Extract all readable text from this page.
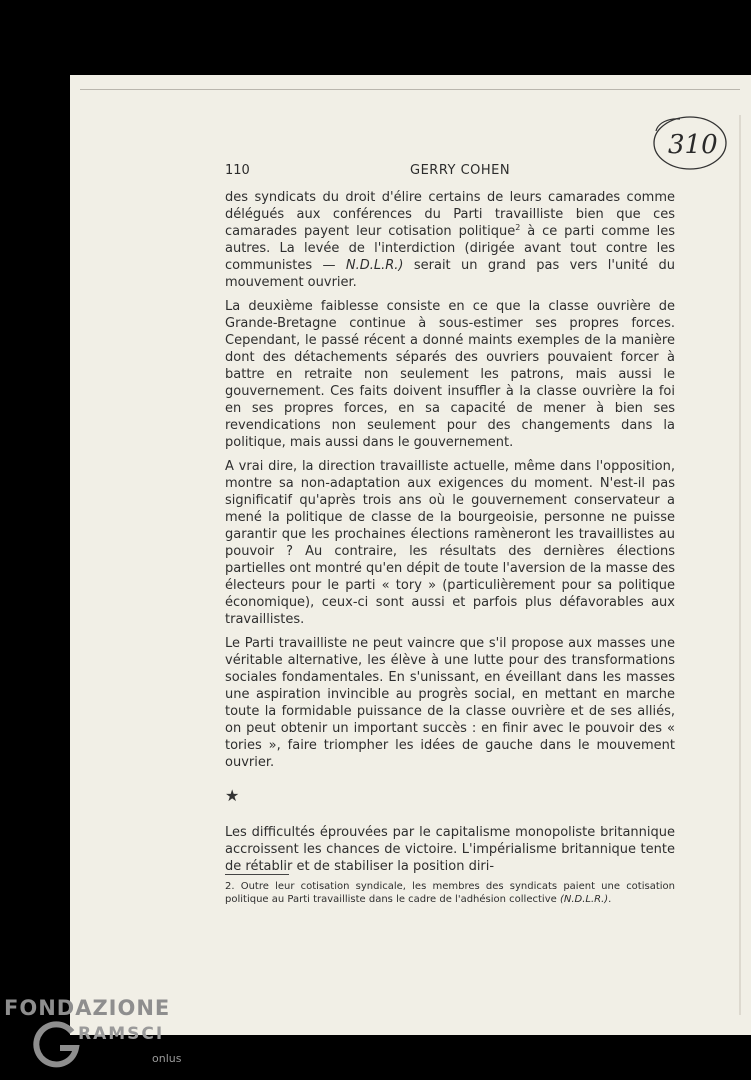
310
110	GERRY COHEN

des syndicats du droit d'élire certains de leurs camarades comme délégués aux conférences du Parti travailliste bien que ces camarades payent leur cotisation politique$^2$ à ce parti comme les autres. La levée de l'interdiction (dirigée avant tout contre les communistes — N.D.L.R.) serait un grand pas vers l'unité du mouvement ouvrier.

La deuxième faiblesse consiste en ce que la classe ouvrière de Grande-Bretagne continue à sous-estimer ses propres forces. Cependant, le passé récent a donné maints exemples de la manière dont des détachements séparés des ouvriers pouvaient forcer à battre en retraite non seulement les patrons, mais aussi le gouvernement. Ces faits doivent insuffler à la classe ouvrière la foi en ses propres forces, en sa capacité de mener à bien ses revendications non seulement pour des changements dans la politique, mais aussi dans le gouvernement.

A vrai dire, la direction travailliste actuelle, même dans l'opposition, montre sa non-adaptation aux exigences du moment. N'est-il pas significatif qu'après trois ans où le gouvernement conservateur a mené la politique de classe de la bourgeoisie, personne ne puisse garantir que les prochaines élections ramèneront les travaillistes au pouvoir ? Au contraire, les résultats des dernières élections partielles ont montré qu'en dépit de toute l'aversion de la masse des électeurs pour le parti « tory » (particulièrement pour sa politique économique), ceux-ci sont aussi et parfois plus défavorables aux travaillistes.

Le Parti travailliste ne peut vaincre que s'il propose aux masses une véritable alternative, les élève à une lutte pour des transformations sociales fondamentales. En s'unissant, en éveillant dans les masses une aspiration invincible au progrès social, en mettant en marche toute la formidable puissance de la classe ouvrière et de ses alliés, on peut obtenir un important succès : en finir avec le pouvoir des « tories », faire triompher les idées de gauche dans le mouvement ouvrier.

★

Les difficultés éprouvées par le capitalisme monopoliste britannique accroissent les chances de victoire. L'impérialisme britannique tente de rétablir et de stabiliser la position diri-

2. Outre leur cotisation syndicale, les membres des syndicats paient une cotisation politique au Parti travailliste dans le cadre de l'adhésion collective (N.D.L.R.).
FONDAZIONE
RAMSCI
onlus
